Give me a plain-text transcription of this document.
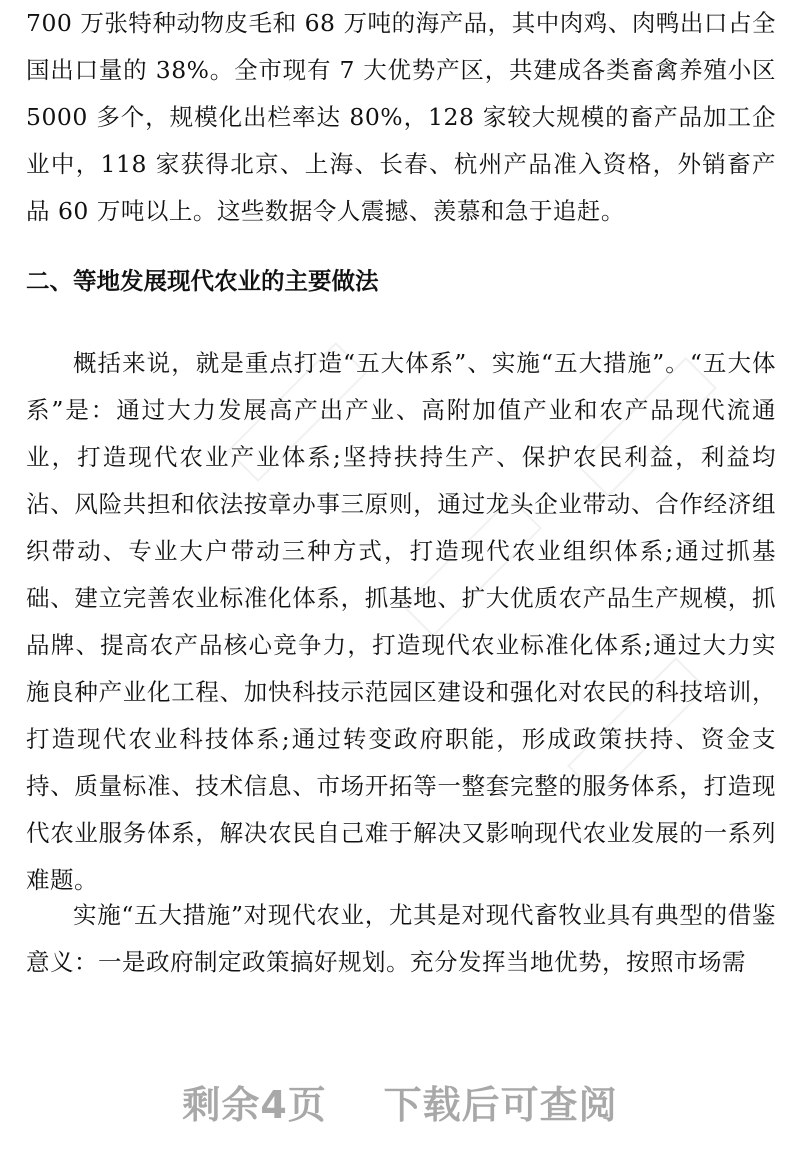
700 万张特种动物皮毛和 68 万吨的海产品，其中肉鸡、肉鸭出口占全国出口量的 38%。全市现有 7 大优势产区，共建成各类畜禽养殖小区 5000 多个，规模化出栏率达 80%，128 家较大规模的畜产品加工企业中，118 家获得北京、上海、长春、杭州产品准入资格，外销畜产品 60 万吨以上。这些数据令人震撼、羡慕和急于追赶。

二、等地发展现代农业的主要做法

概括来说，就是重点打造“五大体系”、实施“五大措施”。“五大体系”是：通过大力发展高产出产业、高附加值产业和农产品现代流通业，打造现代农业产业体系;坚持扶持生产、保护农民利益，利益均沾、风险共担和依法按章办事三原则，通过龙头企业带动、合作经济组织带动、专业大户带动三种方式，打造现代农业组织体系;通过抓基础、建立完善农业标准化体系，抓基地、扩大优质农产品生产规模，抓品牌、提高农产品核心竞争力，打造现代农业标准化体系;通过大力实施良种产业化工程、加快科技示范园区建设和强化对农民的科技培训，打造现代农业科技体系;通过转变政府职能，形成政策扶持、资金支持、质量标准、技术信息、市场开拓等一整套完整的服务体系，打造现代农业服务体系，解决农民自己难于解决又影响现代农业发展的一系列难题。

实施“五大措施”对现代农业，尤其是对现代畜牧业具有典型的借鉴意义：一是政府制定政策搞好规划。充分发挥当地优势，按照市场需

剩余4页    下载后可查阅
